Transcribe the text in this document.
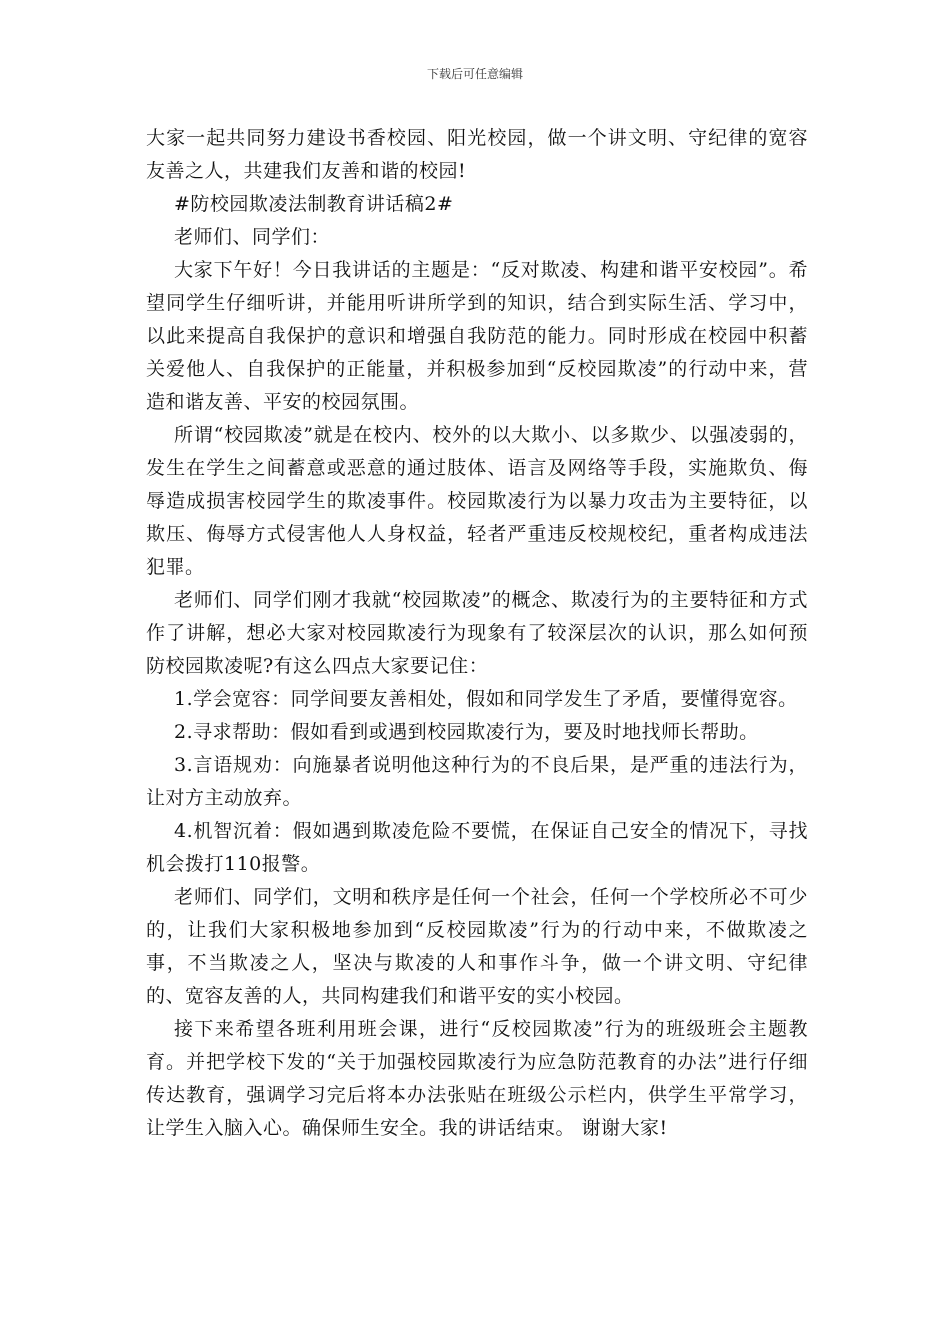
下载后可任意编辑

大家一起共同努力建设书香校园、阳光校园，做一个讲文明、守纪律的宽容友善之人，共建我们友善和谐的校园!

#防校园欺凌法制教育讲话稿2#

老师们、同学们：

大家下午好！今日我讲话的主题是：“反对欺凌、构建和谐平安校园”。希望同学生仔细听讲，并能用听讲所学到的知识，结合到实际生活、学习中，以此来提高自我保护的意识和增强自我防范的能力。同时形成在校园中积蓄关爱他人、自我保护的正能量，并积极参加到“反校园欺凌”的行动中来，营造和谐友善、平安的校园氛围。

所谓“校园欺凌”就是在校内、校外的以大欺小、以多欺少、以强凌弱的，发生在学生之间蓄意或恶意的通过肢体、语言及网络等手段，实施欺负、侮辱造成损害校园学生的欺凌事件。校园欺凌行为以暴力攻击为主要特征，以欺压、侮辱方式侵害他人人身权益，轻者严重违反校规校纪，重者构成违法犯罪。

老师们、同学们刚才我就“校园欺凌”的概念、欺凌行为的主要特征和方式作了讲解，想必大家对校园欺凌行为现象有了较深层次的认识，那么如何预防校园欺凌呢?有这么四点大家要记住：

1.学会宽容：同学间要友善相处，假如和同学发生了矛盾，要懂得宽容。

2.寻求帮助：假如看到或遇到校园欺凌行为，要及时地找师长帮助。

3.言语规劝：向施暴者说明他这种行为的不良后果，是严重的违法行为，让对方主动放弃。

4.机智沉着：假如遇到欺凌危险不要慌，在保证自己安全的情况下，寻找机会拨打110报警。

老师们、同学们，文明和秩序是任何一个社会，任何一个学校所必不可少的，让我们大家积极地参加到“反校园欺凌”行为的行动中来，不做欺凌之事，不当欺凌之人，坚决与欺凌的人和事作斗争，做一个讲文明、守纪律的、宽容友善的人，共同构建我们和谐平安的实小校园。

接下来希望各班利用班会课，进行“反校园欺凌”行为的班级班会主题教育。并把学校下发的“关于加强校园欺凌行为应急防范教育的办法”进行仔细传达教育，强调学习完后将本办法张贴在班级公示栏内，供学生平常学习，让学生入脑入心。确保师生安全。我的讲话结束。 谢谢大家!
